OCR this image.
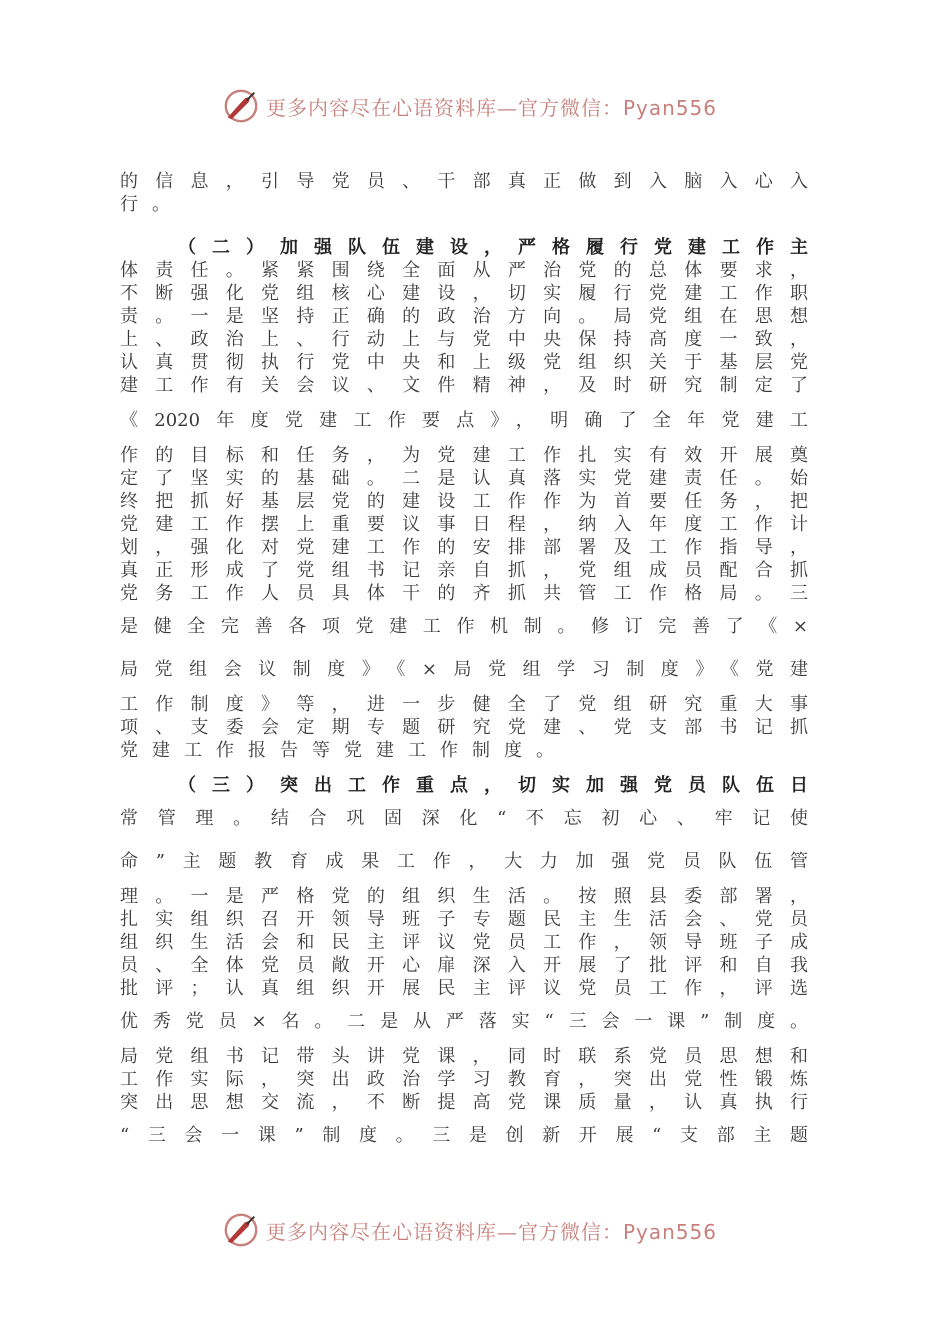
更多内容尽在心语资料库—官方微信：Pyan556
的信息，引导党员、干部真正做到入脑入心入
行。
（二）加强队伍建设，严格履行党建工作主
体责任。紧紧围绕全面从严治党的总体要求，
不断强化党组核心建设，切实履行党建工作职
责。一是坚持正确的政治方向。局党组在思想
上、政治上、行动上与党中央保持高度一致，
认真贯彻执行党中央和上级党组织关于基层党
建工作有关会议、文件精神，及时研究制定了
《2020年度党建工作要点》，明确了全年党建工
作的目标和任务，为党建工作扎实有效开展奠
定了坚实的基础。二是认真落实党建责任。始
终把抓好基层党的建设工作作为首要任务，把
党建工作摆上重要议事日程，纳入年度工作计
划，强化对党建工作的安排部署及工作指导，
真正形成了党组书记亲自抓，党组成员配合抓
党务工作人员具体干的齐抓共管工作格局。三
是健全完善各项党建工作机制。修订完善了《×
局党组会议制度》《×局党组学习制度》《党建
工作制度》等，进一步健全了党组研究重大事
项、支委会定期专题研究党建、党支部书记抓
党建工作报告等党建工作制度。
（三）突出工作重点，切实加强党员队伍日
常管理。结合巩固深化“不忘初心、牢记使
命”主题教育成果工作，大力加强党员队伍管
理。一是严格党的组织生活。按照县委部署，
扎实组织召开领导班子专题民主生活会、党员
组织生活会和民主评议党员工作，领导班子成
员、全体党员敞开心扉深入开展了批评和自我
批评；认真组织开展民主评议党员工作，评选
优秀党员×名。二是从严落实“三会一课”制度。
局党组书记带头讲党课，同时联系党员思想和
工作实际，突出政治学习教育，突出党性锻炼
突出思想交流，不断提高党课质量，认真执行
“三会一课”制度。三是创新开展“支部主题
更多内容尽在心语资料库—官方微信：Pyan556
